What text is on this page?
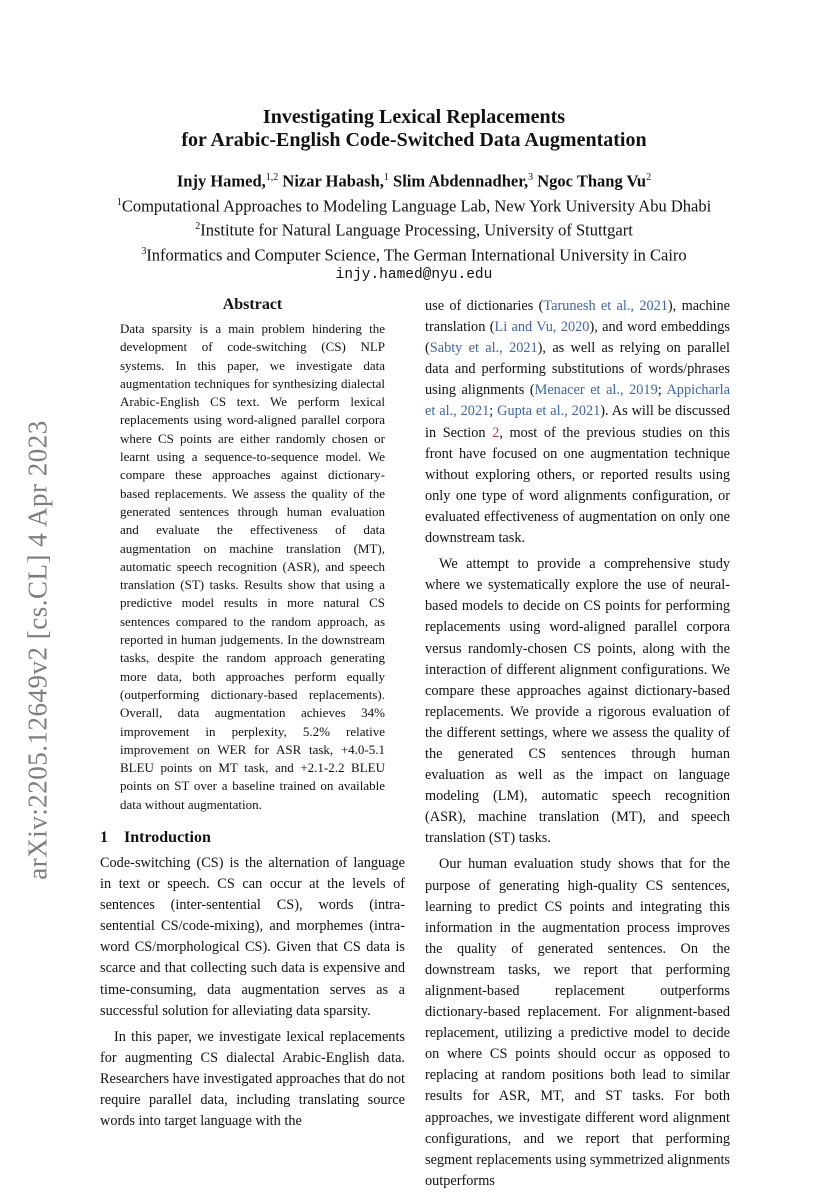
arXiv:2205.12649v2 [cs.CL] 4 Apr 2023
Investigating Lexical Replacements
for Arabic-English Code-Switched Data Augmentation
Injy Hamed,$^{1,2}$ Nizar Habash,$^1$ Slim Abdennadher,$^3$ Ngoc Thang Vu$^2$
$^1$Computational Approaches to Modeling Language Lab, New York University Abu Dhabi
$^2$Institute for Natural Language Processing, University of Stuttgart
$^3$Informatics and Computer Science, The German International University in Cairo
injy.hamed@nyu.edu
Abstract
Data sparsity is a main problem hindering the development of code-switching (CS) NLP systems. In this paper, we investigate data augmentation techniques for synthesizing dialectal Arabic-English CS text. We perform lexical replacements using word-aligned parallel corpora where CS points are either randomly chosen or learnt using a sequence-to-sequence model. We compare these approaches against dictionary-based replacements. We assess the quality of the generated sentences through human evaluation and evaluate the effectiveness of data augmentation on machine translation (MT), automatic speech recognition (ASR), and speech translation (ST) tasks. Results show that using a predictive model results in more natural CS sentences compared to the random approach, as reported in human judgements. In the downstream tasks, despite the random approach generating more data, both approaches perform equally (outperforming dictionary-based replacements). Overall, data augmentation achieves 34% improvement in perplexity, 5.2% relative improvement on WER for ASR task, +4.0-5.1 BLEU points on MT task, and +2.1-2.2 BLEU points on ST over a baseline trained on available data without augmentation.
1 Introduction

Code-switching (CS) is the alternation of language in text or speech. CS can occur at the levels of sentences (inter-sentential CS), words (intra-sentential CS/code-mixing), and morphemes (intra-word CS/morphological CS). Given that CS data is scarce and that collecting such data is expensive and time-consuming, data augmentation serves as a successful solution for alleviating data sparsity.

In this paper, we investigate lexical replacements for augmenting CS dialectal Arabic-English data. Researchers have investigated approaches that do not require parallel data, including translating source words into target language with the

use of dictionaries (Tarunesh et al., 2021), machine translation (Li and Vu, 2020), and word embeddings (Sabty et al., 2021), as well as relying on parallel data and performing substitutions of words/phrases using alignments (Menacer et al., 2019; Appicharla et al., 2021; Gupta et al., 2021). As will be discussed in Section 2, most of the previous studies on this front have focused on one augmentation technique without exploring others, or reported results using only one type of word alignments configuration, or evaluated effectiveness of augmentation on only one downstream task.

We attempt to provide a comprehensive study where we systematically explore the use of neural-based models to decide on CS points for performing replacements using word-aligned parallel corpora versus randomly-chosen CS points, along with the interaction of different alignment configurations. We compare these approaches against dictionary-based replacements. We provide a rigorous evaluation of the different settings, where we assess the quality of the generated CS sentences through human evaluation as well as the impact on language modeling (LM), automatic speech recognition (ASR), machine translation (MT), and speech translation (ST) tasks.

Our human evaluation study shows that for the purpose of generating high-quality CS sentences, learning to predict CS points and integrating this information in the augmentation process improves the quality of generated sentences. On the downstream tasks, we report that performing alignment-based replacement outperforms dictionary-based replacement. For alignment-based replacement, utilizing a predictive model to decide on where CS points should occur as opposed to replacing at random positions both lead to similar results for ASR, MT, and ST tasks. For both approaches, we investigate different word alignment configurations, and we report that performing segment replacements using symmetrized alignments outperforms
